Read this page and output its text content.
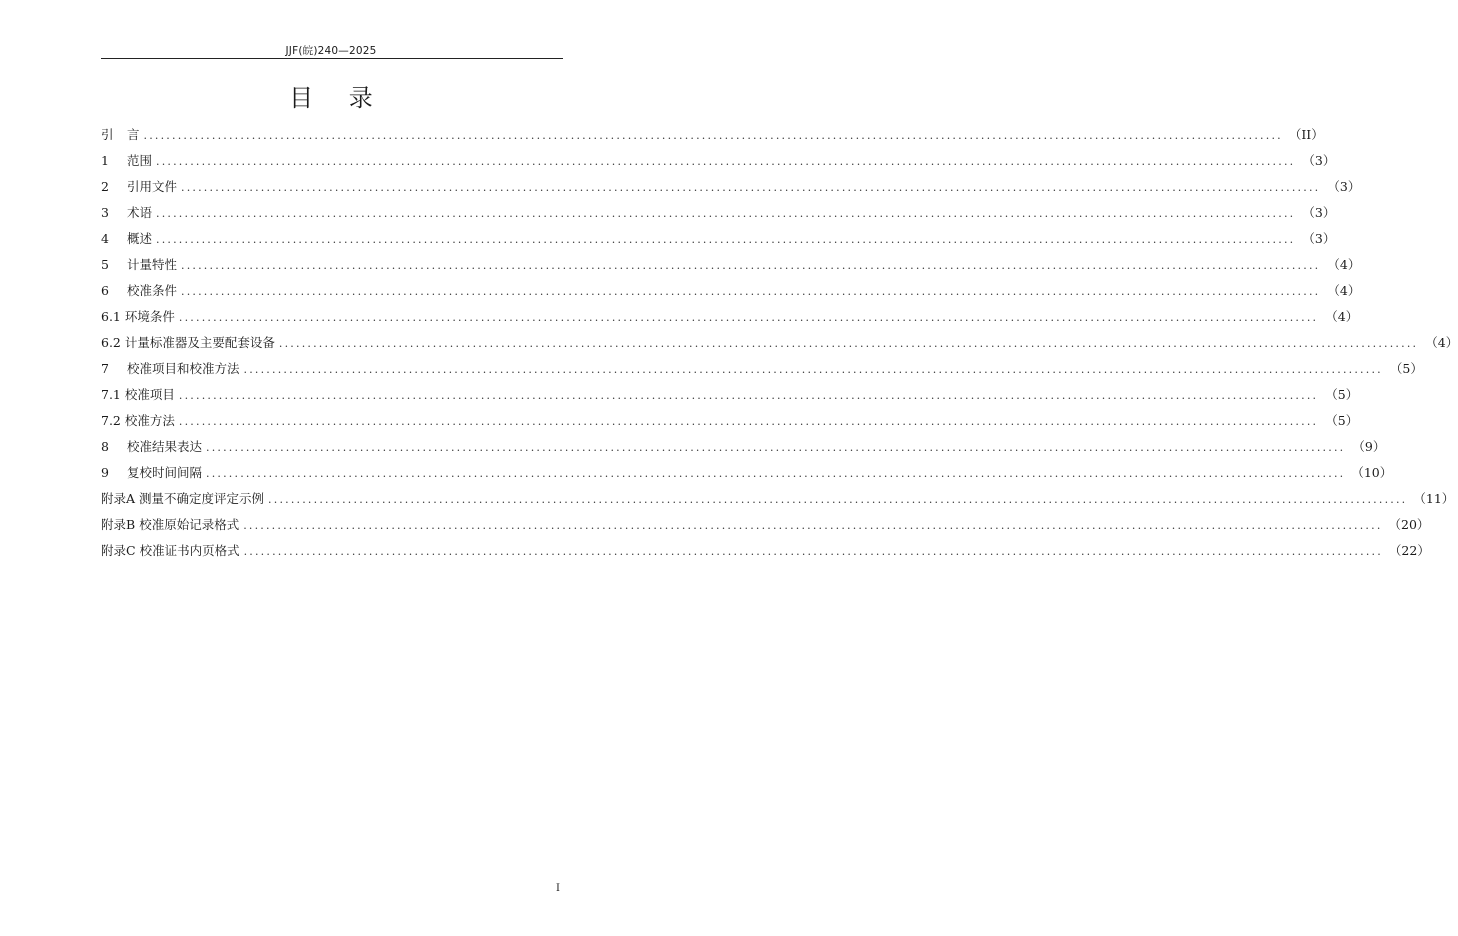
JJF(皖)240—2025
目 录
引	言 ........................................................................................................................................................................................................ （II）
1	范围 ........................................................................................................................................................................................................ （3）
2	引用文件 ........................................................................................................................................................................................................ （3）
3	术语 ........................................................................................................................................................................................................ （3）
4	概述 ........................................................................................................................................................................................................ （3）
5	计量特性 ........................................................................................................................................................................................................ （4）
6	校准条件 ........................................................................................................................................................................................................ （4）
6.1 环境条件 ........................................................................................................................................................................................................ （4）
6.2 计量标准器及主要配套设备 ........................................................................................................................................................................................................ （4）
7	校准项目和校准方法 ........................................................................................................................................................................................................ （5）
7.1 校准项目 ........................................................................................................................................................................................................ （5）
7.2 校准方法 ........................................................................................................................................................................................................ （5）
8	校准结果表达 ........................................................................................................................................................................................................ （9）
9	复校时间间隔 ........................................................................................................................................................................................................ （10）
附录A 测量不确定度评定示例 ........................................................................................................................................................................................................ （11）
附录B 校准原始记录格式 ........................................................................................................................................................................................................ （20）
附录C 校准证书内页格式 ........................................................................................................................................................................................................ （22）
I
